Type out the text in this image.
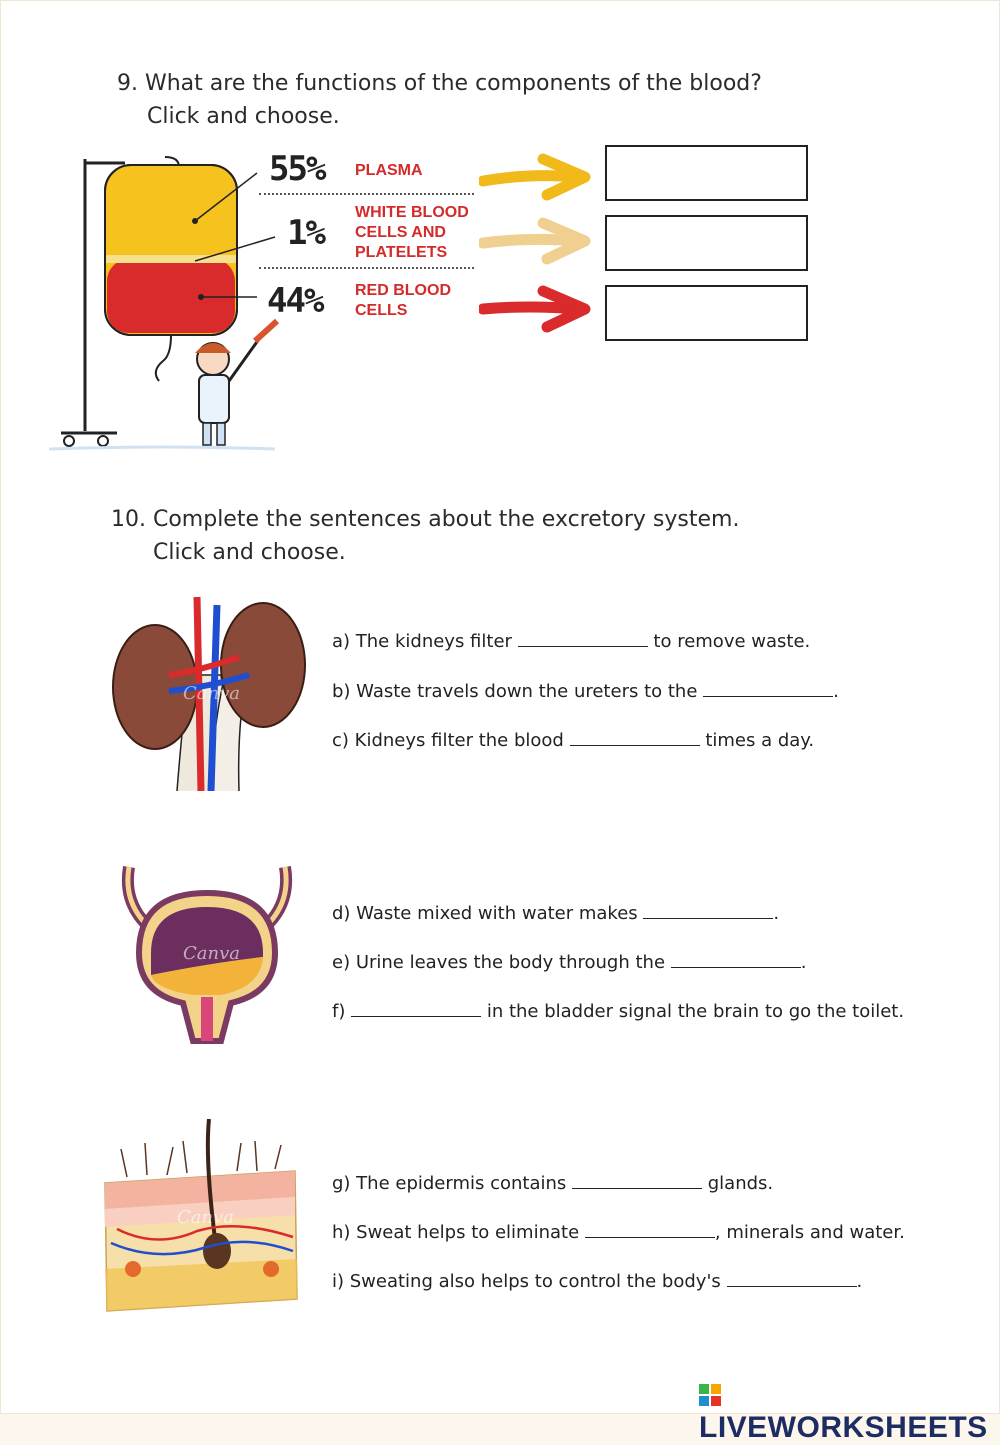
9. What are the functions of the components of the blood?
Click and choose.
55% PLASMA
1%
WHITE BLOOD
CELLS AND
PLATELETS
44% RED BLOOD
CELLS
10. Complete the sentences about the excretory system.
Click and choose.
Canva
Canva
Canva
a) The kidneys filter	to remove waste.
b) Waste travels down the ureters to the	.
c) Kidneys filter the blood	times a day.
d) Waste mixed with water makes	.
e) Urine leaves the body through the	.
f)	in the bladder signal the brain to go the toilet.
g) The epidermis contains	glands.
h) Sweat helps to eliminate	, minerals and water.
i) Sweating also helps to control the body's	.
LIVEWORKSHEETS
